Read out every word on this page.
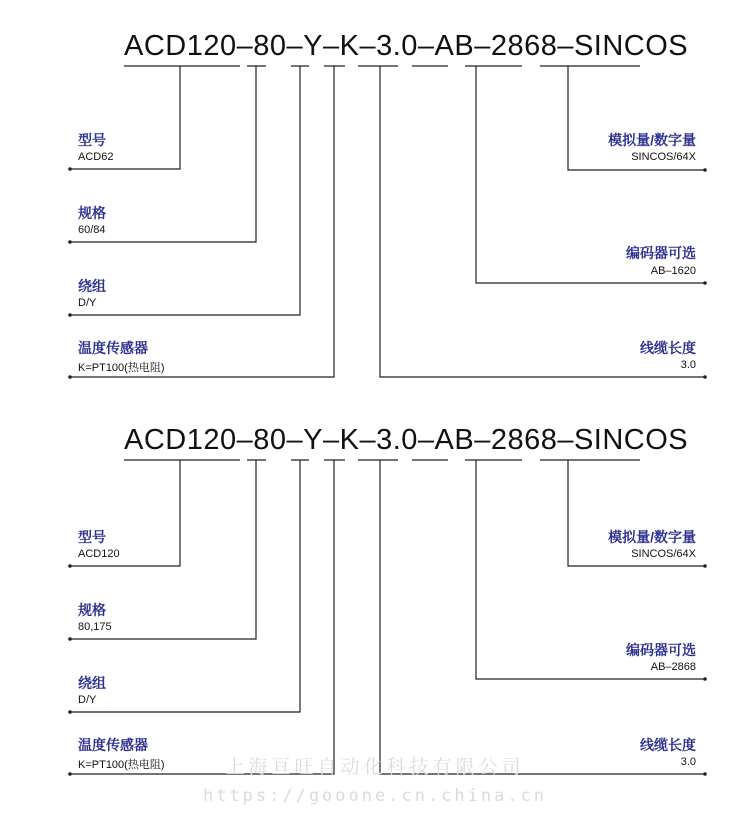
ACD120–80–Y–K–3.0–AB–2868–SINCOS
型号
ACD62
规格
60/84
绕组
D/Y
温度传感器
K=PT100(热电阻)
模拟量/数字量
SINCOS/64X
编码器可选
AB–1620
线缆长度
3.0
ACD120–80–Y–K–3.0–AB–2868–SINCOS
型号
ACD120
规格
80,175
绕组
D/Y
温度传感器
K=PT100(热电阻)
模拟量/数字量
SINCOS/64X
编码器可选
AB–2868
线缆长度
3.0
上海亘旺自动化科技有限公司
https://gooone.cn.china.cn
